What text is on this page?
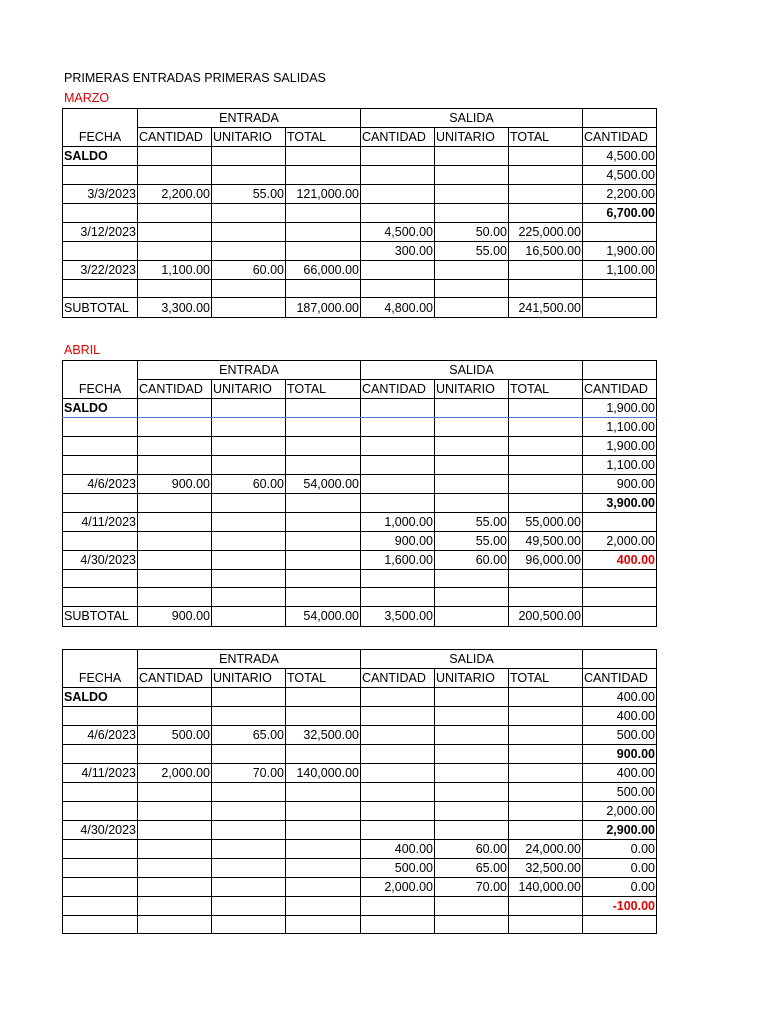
PRIMERAS ENTRADAS PRIMERAS SALIDAS
MARZO
ABRIL
	ENTRADA			SALIDA			
FECHA	CANTIDAD	UNITARIO	TOTAL	CANTIDAD	UNITARIO	TOTAL	CANTIDAD
SALDO							4,500.00
							4,500.00
3/3/2023	2,200.00	55.00	121,000.00				2,200.00
							6,700.00
3/12/2023				4,500.00	50.00	225,000.00	
				300.00	55.00	16,500.00	1,900.00
3/22/2023	1,100.00	60.00	66,000.00				1,100.00

SUBTOTAL	3,300.00		187,000.00	4,800.00		241,500.00	
	ENTRADA			SALIDA			
FECHA	CANTIDAD	UNITARIO	TOTAL	CANTIDAD	UNITARIO	TOTAL	CANTIDAD
SALDO							1,900.00
							1,100.00
							1,900.00
							1,100.00
4/6/2023	900.00	60.00	54,000.00				900.00
							3,900.00
4/11/2023				1,000.00	55.00	55,000.00	
				900.00	55.00	49,500.00	2,000.00
4/30/2023				1,600.00	60.00	96,000.00	400.00

SUBTOTAL	900.00		54,000.00	3,500.00		200,500.00	
	ENTRADA			SALIDA			
FECHA	CANTIDAD	UNITARIO	TOTAL	CANTIDAD	UNITARIO	TOTAL	CANTIDAD
SALDO							400.00
							400.00
4/6/2023	500.00	65.00	32,500.00				500.00
							900.00
4/11/2023	2,000.00	70.00	140,000.00				400.00
							500.00
							2,000.00
4/30/2023							2,900.00
				400.00	60.00	24,000.00	0.00
				500.00	65.00	32,500.00	0.00
				2,000.00	70.00	140,000.00	0.00
							-100.00
